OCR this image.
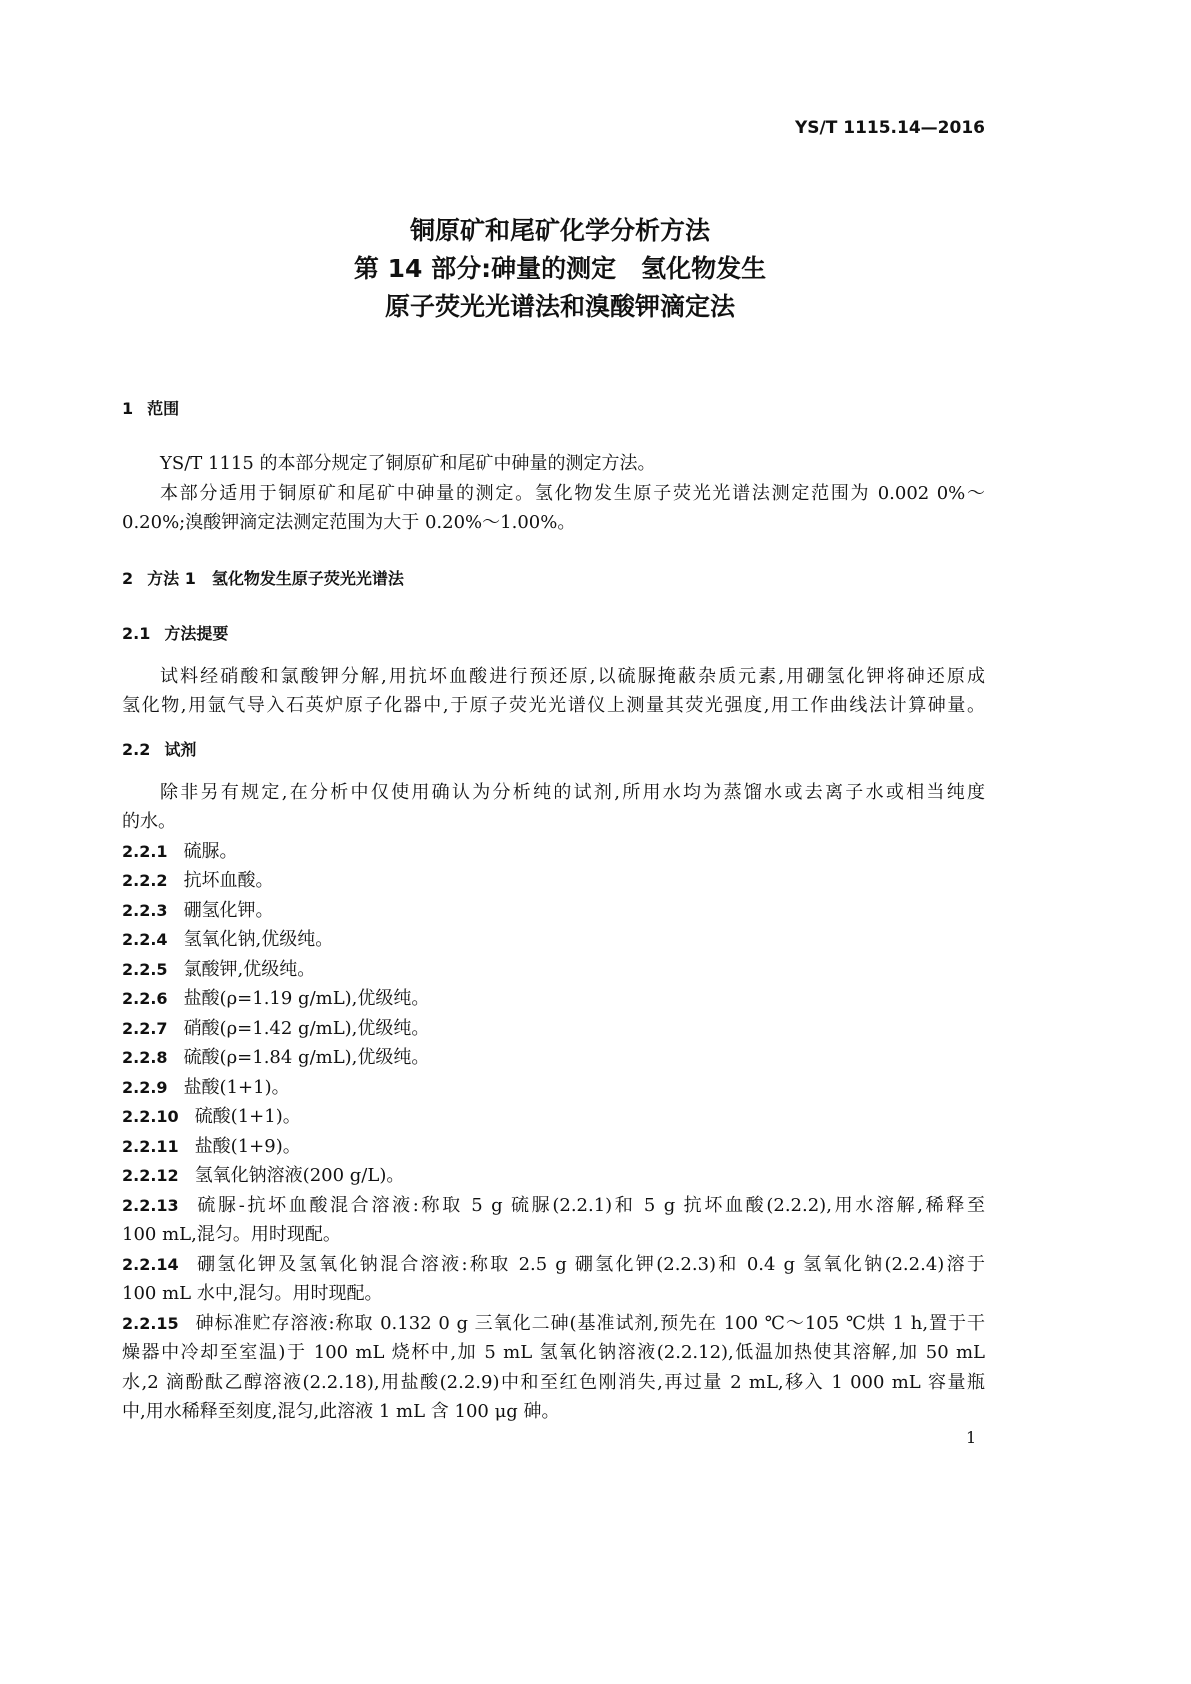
YS/T 1115.14—2016
铜原矿和尾矿化学分析方法
第 14 部分:砷量的测定　氢化物发生
原子荧光光谱法和溴酸钾滴定法
1 范围
YS/T 1115 的本部分规定了铜原矿和尾矿中砷量的测定方法。
本部分适用于铜原矿和尾矿中砷量的测定。氢化物发生原子荧光光谱法测定范围为 0.002 0%～
0.20%;溴酸钾滴定法测定范围为大于 0.20%～1.00%。
2 方法 1　氢化物发生原子荧光光谱法
2.1 方法提要
试料经硝酸和氯酸钾分解,用抗坏血酸进行预还原,以硫脲掩蔽杂质元素,用硼氢化钾将砷还原成
氢化物,用氩气导入石英炉原子化器中,于原子荧光光谱仪上测量其荧光强度,用工作曲线法计算砷量。
2.2 试剂
除非另有规定,在分析中仅使用确认为分析纯的试剂,所用水均为蒸馏水或去离子水或相当纯度
的水。
2.2.1 硫脲。
2.2.2 抗坏血酸。
2.2.3 硼氢化钾。
2.2.4 氢氧化钠,优级纯。
2.2.5 氯酸钾,优级纯。
2.2.6 盐酸(ρ=1.19 g/mL),优级纯。
2.2.7 硝酸(ρ=1.42 g/mL),优级纯。
2.2.8 硫酸(ρ=1.84 g/mL),优级纯。
2.2.9 盐酸(1+1)。
2.2.10 硫酸(1+1)。
2.2.11 盐酸(1+9)。
2.2.12 氢氧化钠溶液(200 g/L)。
2.2.13 硫脲-抗坏血酸混合溶液:称取 5 g 硫脲(2.2.1)和 5 g 抗坏血酸(2.2.2),用水溶解,稀释至
100 mL,混匀。用时现配。
2.2.14 硼氢化钾及氢氧化钠混合溶液:称取 2.5 g 硼氢化钾(2.2.3)和 0.4 g 氢氧化钠(2.2.4)溶于
100 mL 水中,混匀。用时现配。
2.2.15 砷标准贮存溶液:称取 0.132 0 g 三氧化二砷(基准试剂,预先在 100 ℃～105 ℃烘 1 h,置于干
燥器中冷却至室温)于 100 mL 烧杯中,加 5 mL 氢氧化钠溶液(2.2.12),低温加热使其溶解,加 50 mL
水,2 滴酚酞乙醇溶液(2.2.18),用盐酸(2.2.9)中和至红色刚消失,再过量 2 mL,移入 1 000 mL 容量瓶
中,用水稀释至刻度,混匀,此溶液 1 mL 含 100 μg 砷。
1
